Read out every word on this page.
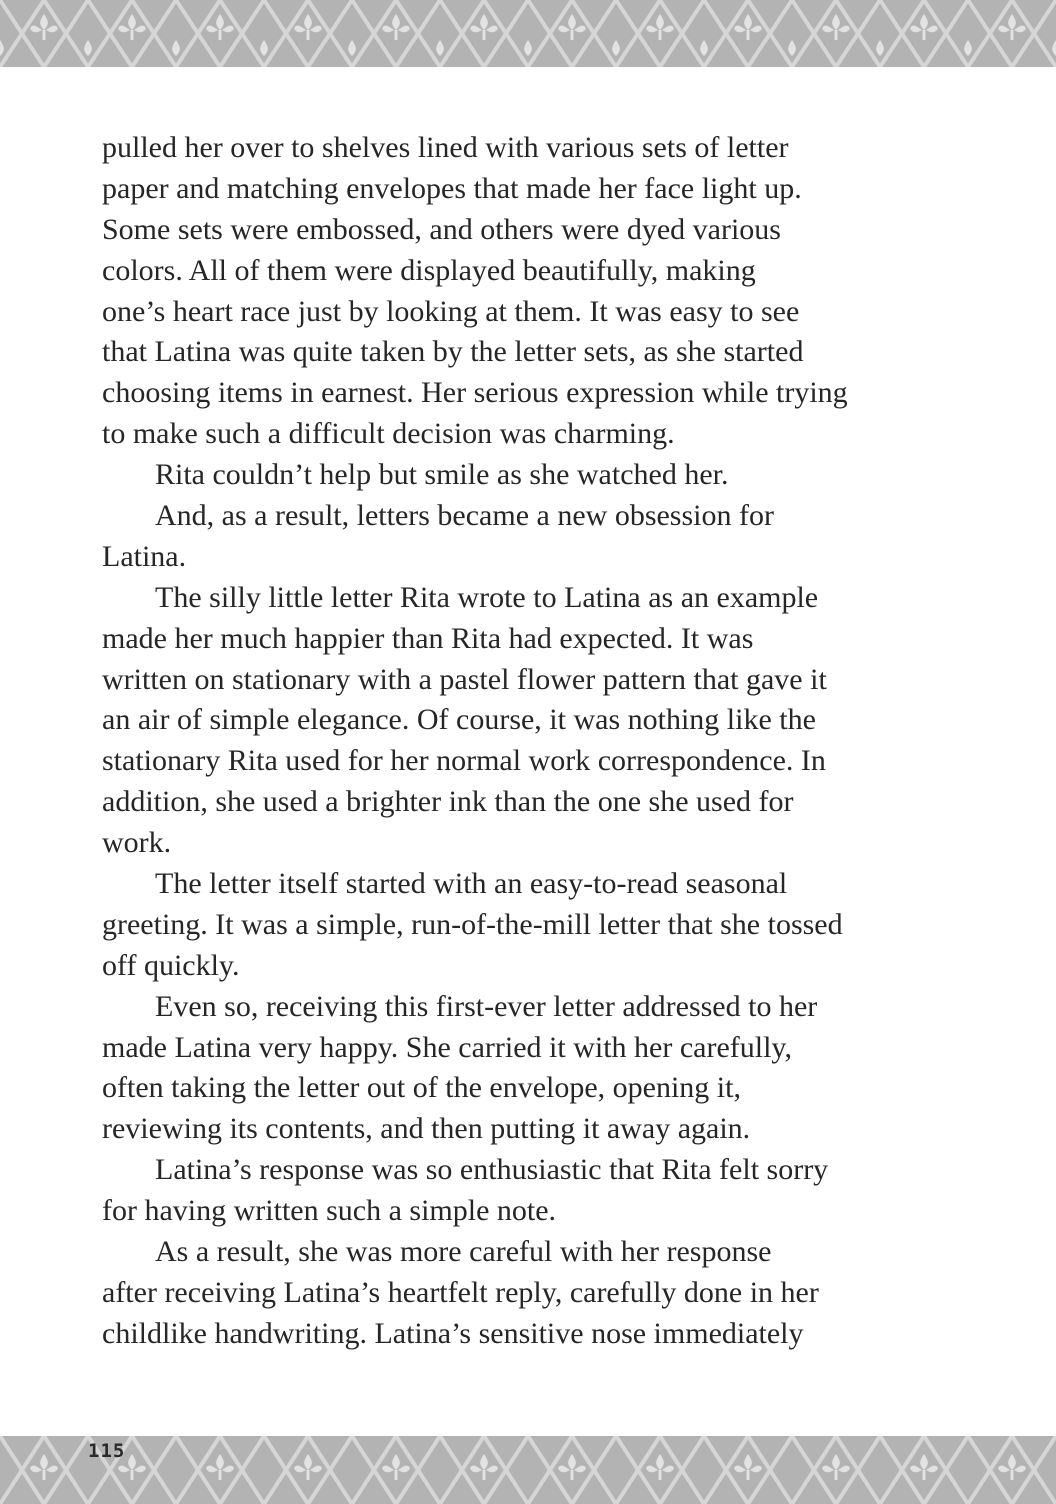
pulled her over to shelves lined with various sets of letter
paper and matching envelopes that made her face light up.
Some sets were embossed, and others were dyed various
colors. All of them were displayed beautifully, making
one’s heart race just by looking at them. It was easy to see
that Latina was quite taken by the letter sets, as she started
choosing items in earnest. Her serious expression while trying
to make such a difficult decision was charming.
Rita couldn’t help but smile as she watched her.
And, as a result, letters became a new obsession for
Latina.
The silly little letter Rita wrote to Latina as an example
made her much happier than Rita had expected. It was
written on stationary with a pastel flower pattern that gave it
an air of simple elegance. Of course, it was nothing like the
stationary Rita used for her normal work correspondence. In
addition, she used a brighter ink than the one she used for
work.
The letter itself started with an easy-to-read seasonal
greeting. It was a simple, run-of-the-mill letter that she tossed
off quickly.
Even so, receiving this first-ever letter addressed to her
made Latina very happy. She carried it with her carefully,
often taking the letter out of the envelope, opening it,
reviewing its contents, and then putting it away again.
Latina’s response was so enthusiastic that Rita felt sorry
for having written such a simple note.
As a result, she was more careful with her response
after receiving Latina’s heartfelt reply, carefully done in her
childlike handwriting. Latina’s sensitive nose immediately
115
